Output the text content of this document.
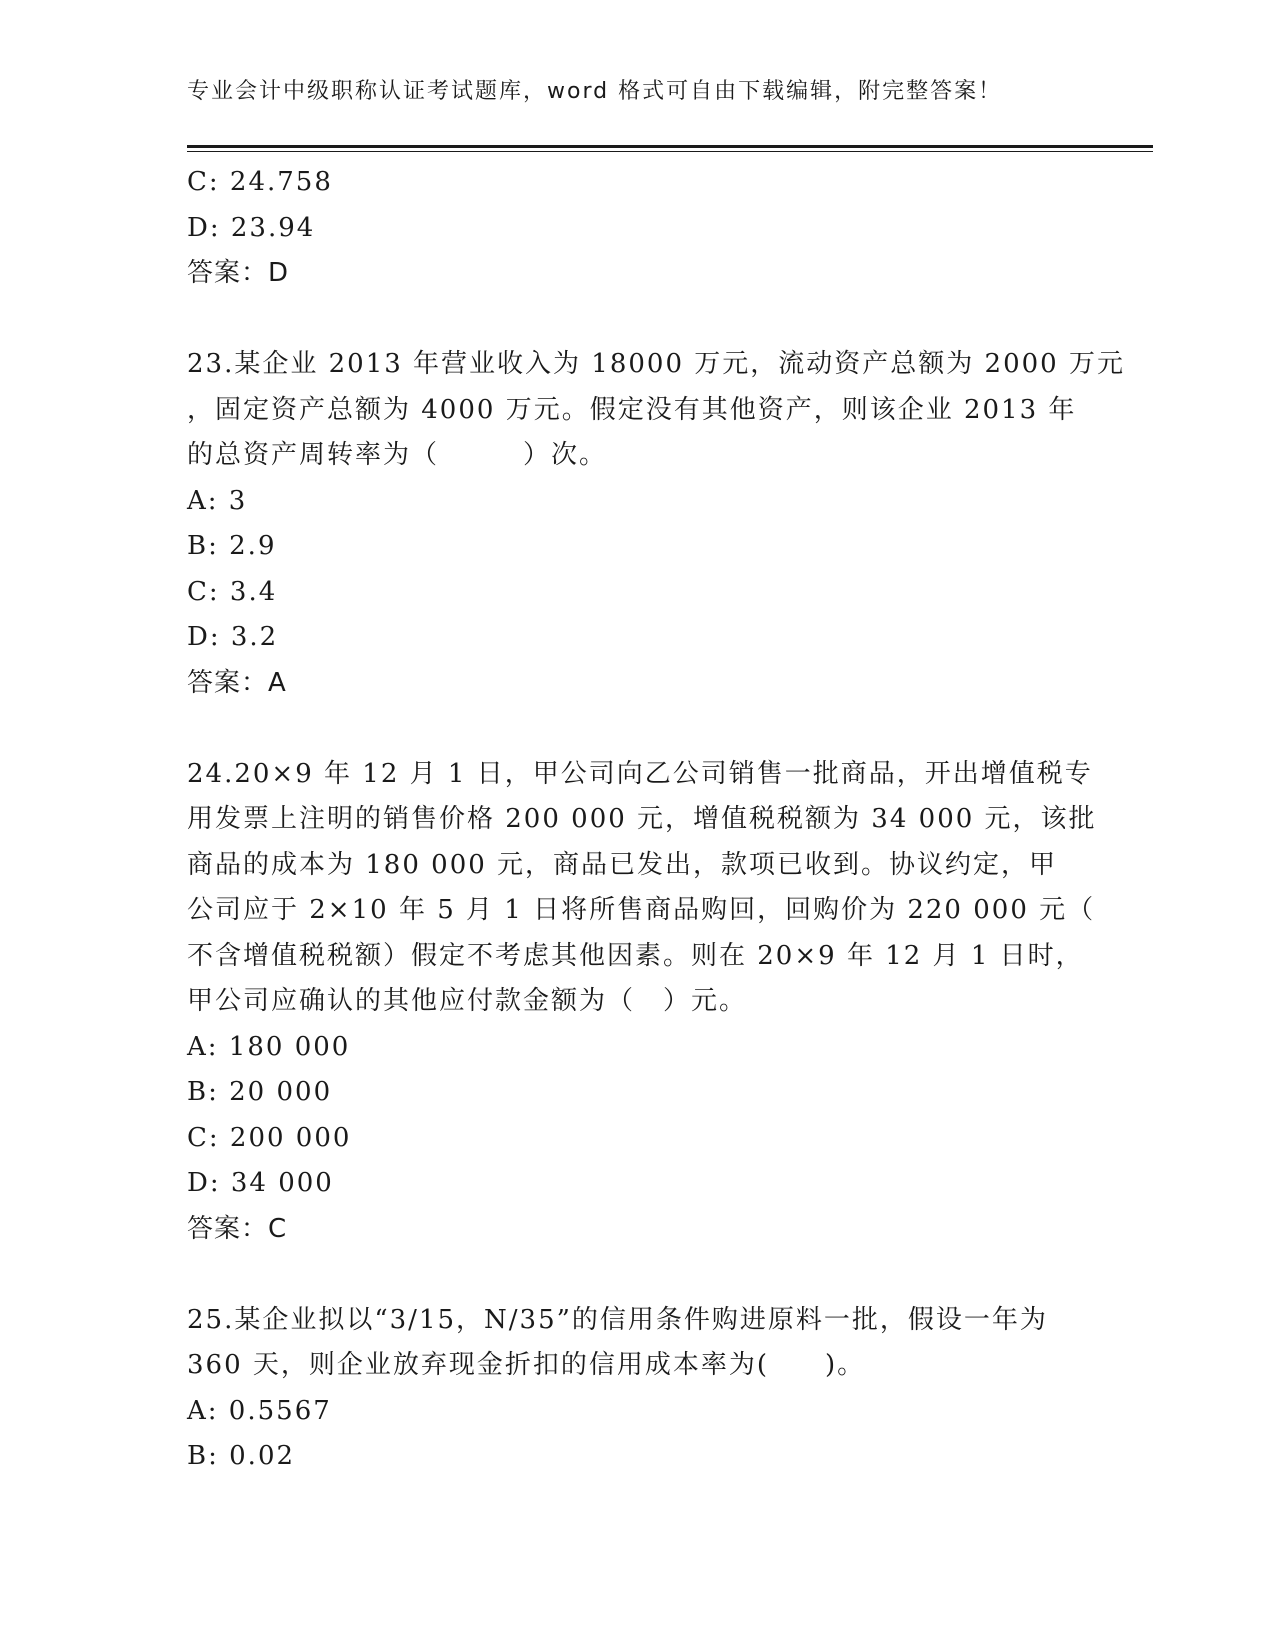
专业会计中级职称认证考试题库，word 格式可自由下载编辑，附完整答案！
C: 24.758
D: 23.94
答案：D
23.某企业 2013 年营业收入为 18000 万元，流动资产总额为 2000 万元
，固定资产总额为 4000 万元。假定没有其他资产，则该企业 2013 年
的总资产周转率为（　　　）次。
A: 3
B: 2.9
C: 3.4
D: 3.2
答案：A
24.20×9 年 12 月 1 日，甲公司向乙公司销售一批商品，开出增值税专
用发票上注明的销售价格 200 000 元，增值税税额为 34 000 元，该批
商品的成本为 180 000 元，商品已发出，款项已收到。协议约定，甲
公司应于 2×10 年 5 月 1 日将所售商品购回，回购价为 220 000 元（
不含增值税税额）假定不考虑其他因素。则在 20×9 年 12 月 1 日时，
甲公司应确认的其他应付款金额为（　）元。
A: 180 000
B: 20 000
C: 200 000
D: 34 000
答案：C
25.某企业拟以“3/15，N/35”的信用条件购进原料一批，假设一年为
360 天，则企业放弃现金折扣的信用成本率为(　　)。
A: 0.5567
B: 0.02
